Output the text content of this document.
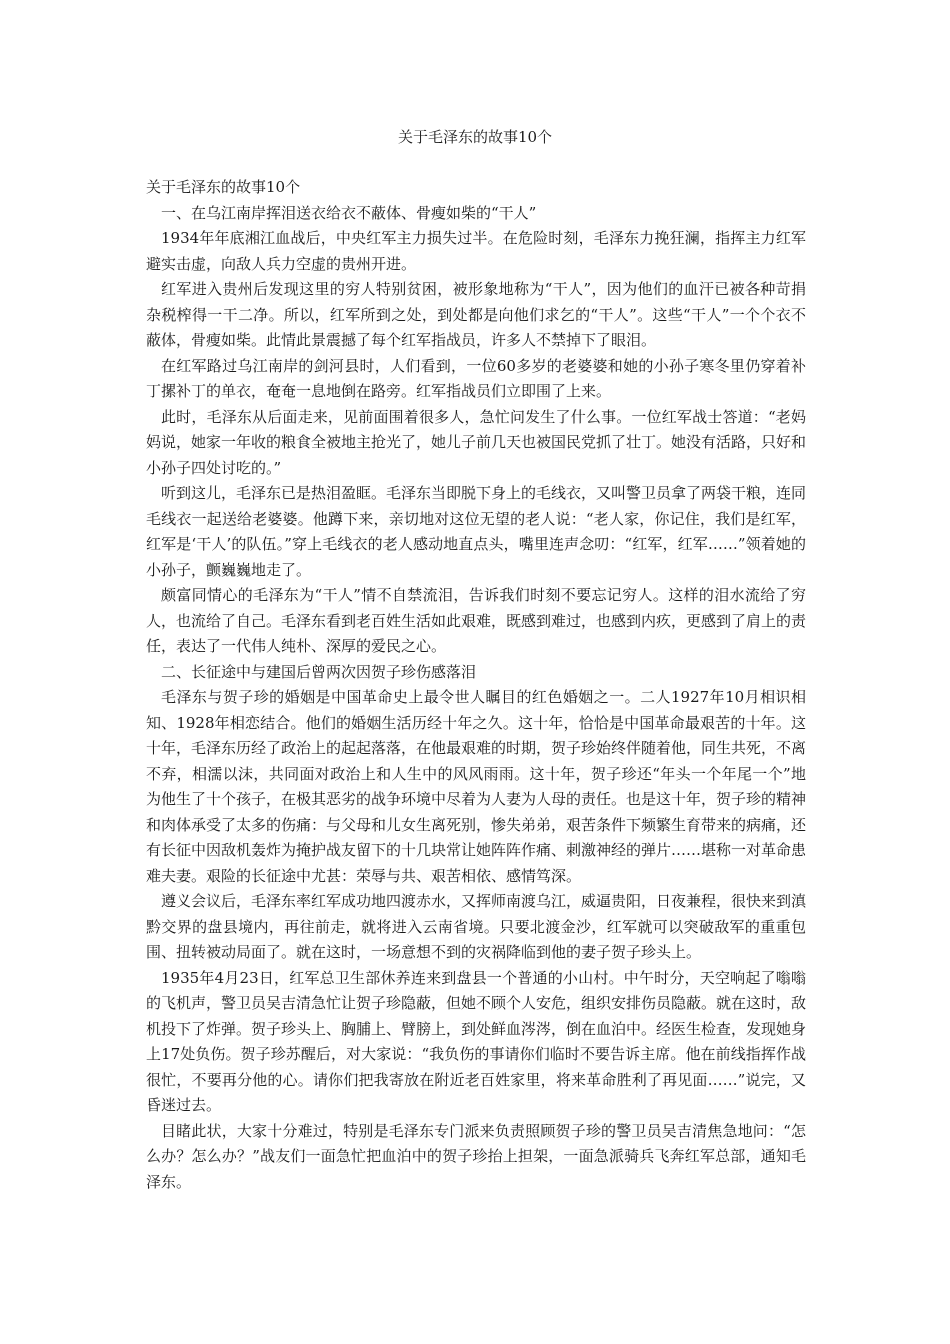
关于毛泽东的故事10个

关于毛泽东的故事10个

一、在乌江南岸挥泪送衣给衣不蔽体、骨瘦如柴的“干人”

1934年年底湘江血战后，中央红军主力损失过半。在危险时刻，毛泽东力挽狂澜，指挥主力红军避实击虚，向敌人兵力空虚的贵州开进。

红军进入贵州后发现这里的穷人特别贫困，被形象地称为“干人”，因为他们的血汗已被各种苛捐杂税榨得一干二净。所以，红军所到之处，到处都是向他们求乞的“干人”。这些“干人”一个个衣不蔽体，骨瘦如柴。此情此景震撼了每个红军指战员，许多人不禁掉下了眼泪。

在红军路过乌江南岸的剑河县时，人们看到，一位60多岁的老婆婆和她的小孙子寒冬里仍穿着补丁摞补丁的单衣，奄奄一息地倒在路旁。红军指战员们立即围了上来。

此时，毛泽东从后面走来，见前面围着很多人，急忙问发生了什么事。一位红军战士答道：“老妈妈说，她家一年收的粮食全被地主抢光了，她儿子前几天也被国民党抓了壮丁。她没有活路，只好和小孙子四处讨吃的。”

听到这儿，毛泽东已是热泪盈眶。毛泽东当即脱下身上的毛线衣，又叫警卫员拿了两袋干粮，连同毛线衣一起送给老婆婆。他蹲下来，亲切地对这位无望的老人说：“老人家，你记住，我们是红军，红军是‘干人’的队伍。”穿上毛线衣的老人感动地直点头，嘴里连声念叨：“红军，红军……”领着她的小孙子，颤巍巍地走了。

颇富同情心的毛泽东为“干人”情不自禁流泪，告诉我们时刻不要忘记穷人。这样的泪水流给了穷人，也流给了自己。毛泽东看到老百姓生活如此艰难，既感到难过，也感到内疚，更感到了肩上的责任，表达了一代伟人纯朴、深厚的爱民之心。

二、长征途中与建国后曾两次因贺子珍伤感落泪

毛泽东与贺子珍的婚姻是中国革命史上最令世人瞩目的红色婚姻之一。二人1927年10月相识相知、1928年相恋结合。他们的婚姻生活历经十年之久。这十年，恰恰是中国革命最艰苦的十年。这十年，毛泽东历经了政治上的起起落落，在他最艰难的时期，贺子珍始终伴随着他，同生共死，不离不弃，相濡以沫，共同面对政治上和人生中的风风雨雨。这十年，贺子珍还“年头一个年尾一个”地为他生了十个孩子，在极其恶劣的战争环境中尽着为人妻为人母的责任。也是这十年，贺子珍的精神和肉体承受了太多的伤痛：与父母和儿女生离死别，惨失弟弟，艰苦条件下频繁生育带来的病痛，还有长征中因敌机轰炸为掩护战友留下的十几块常让她阵阵作痛、刺激神经的弹片……堪称一对革命患难夫妻。艰险的长征途中尤甚：荣辱与共、艰苦相依、感情笃深。

遵义会议后，毛泽东率红军成功地四渡赤水，又挥师南渡乌江，威逼贵阳，日夜兼程，很快来到滇黔交界的盘县境内，再往前走，就将进入云南省境。只要北渡金沙，红军就可以突破敌军的重重包围、扭转被动局面了。就在这时，一场意想不到的灾祸降临到他的妻子贺子珍头上。

1935年4月23日，红军总卫生部休养连来到盘县一个普通的小山村。中午时分，天空响起了嗡嗡的飞机声，警卫员吴吉清急忙让贺子珍隐蔽，但她不顾个人安危，组织安排伤员隐蔽。就在这时，敌机投下了炸弹。贺子珍头上、胸脯上、臂膀上，到处鲜血涔涔，倒在血泊中。经医生检查，发现她身上17处负伤。贺子珍苏醒后，对大家说：“我负伤的事请你们临时不要告诉主席。他在前线指挥作战很忙，不要再分他的心。请你们把我寄放在附近老百姓家里，将来革命胜利了再见面……”说完，又昏迷过去。

目睹此状，大家十分难过，特别是毛泽东专门派来负责照顾贺子珍的警卫员吴吉清焦急地问：“怎么办？怎么办？”战友们一面急忙把血泊中的贺子珍抬上担架，一面急派骑兵飞奔红军总部，通知毛泽东。
